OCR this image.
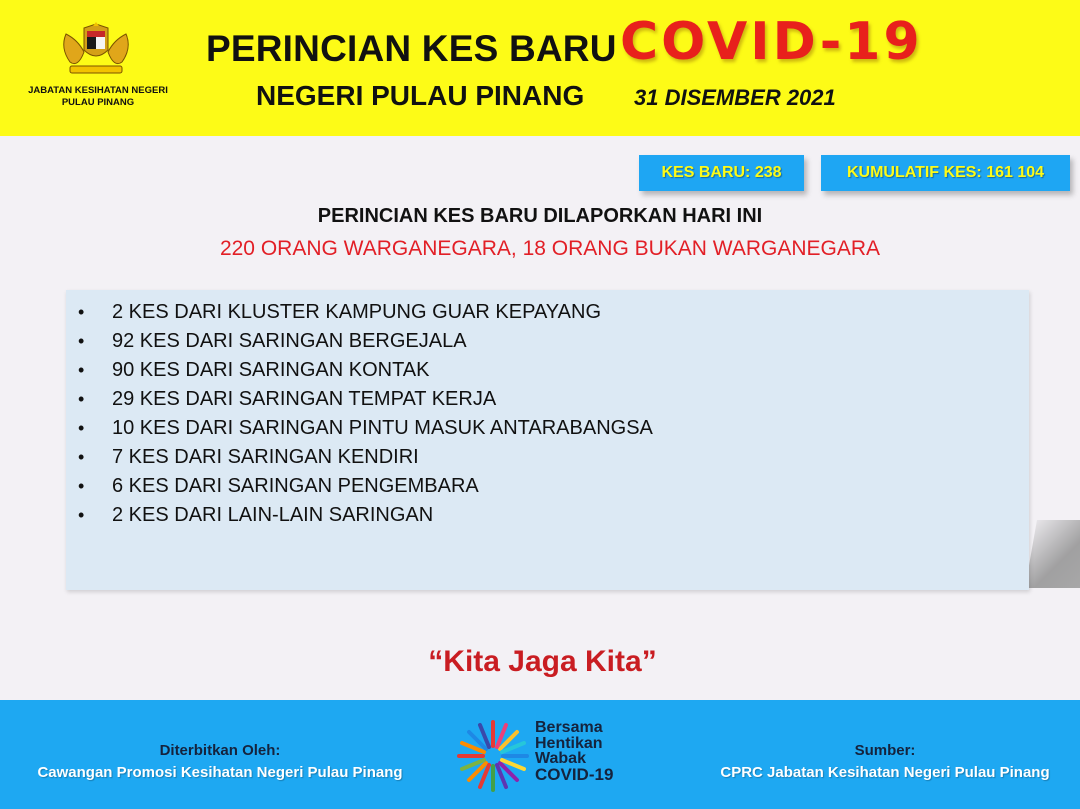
JABATAN KESIHATAN NEGERI PULAU PINANG
PERINCIAN KES BARU COVID-19
NEGERI PULAU PINANG 31 DISEMBER 2021
KES BARU: 238	KUMULATIF KES: 161 104
PERINCIAN KES BARU DILAPORKAN HARI INI
220 ORANG WARGANEGARA, 18 ORANG BUKAN WARGANEGARA
•	2 KES DARI KLUSTER KAMPUNG GUAR KEPAYANG
•	92 KES DARI SARINGAN BERGEJALA
•	90 KES DARI SARINGAN KONTAK
•	29 KES DARI SARINGAN TEMPAT KERJA
•	10 KES DARI SARINGAN PINTU MASUK ANTARABANGSA
•	7 KES DARI SARINGAN KENDIRI
•	6 KES DARI SARINGAN PENGEMBARA
•	2 KES DARI LAIN-LAIN SARINGAN
“Kita Jaga Kita”
Diterbitkan Oleh:
Cawangan Promosi Kesihatan Negeri Pulau Pinang
Bersama
Hentikan
Wabak
COVID-19
Sumber:
CPRC Jabatan Kesihatan Negeri Pulau Pinang
